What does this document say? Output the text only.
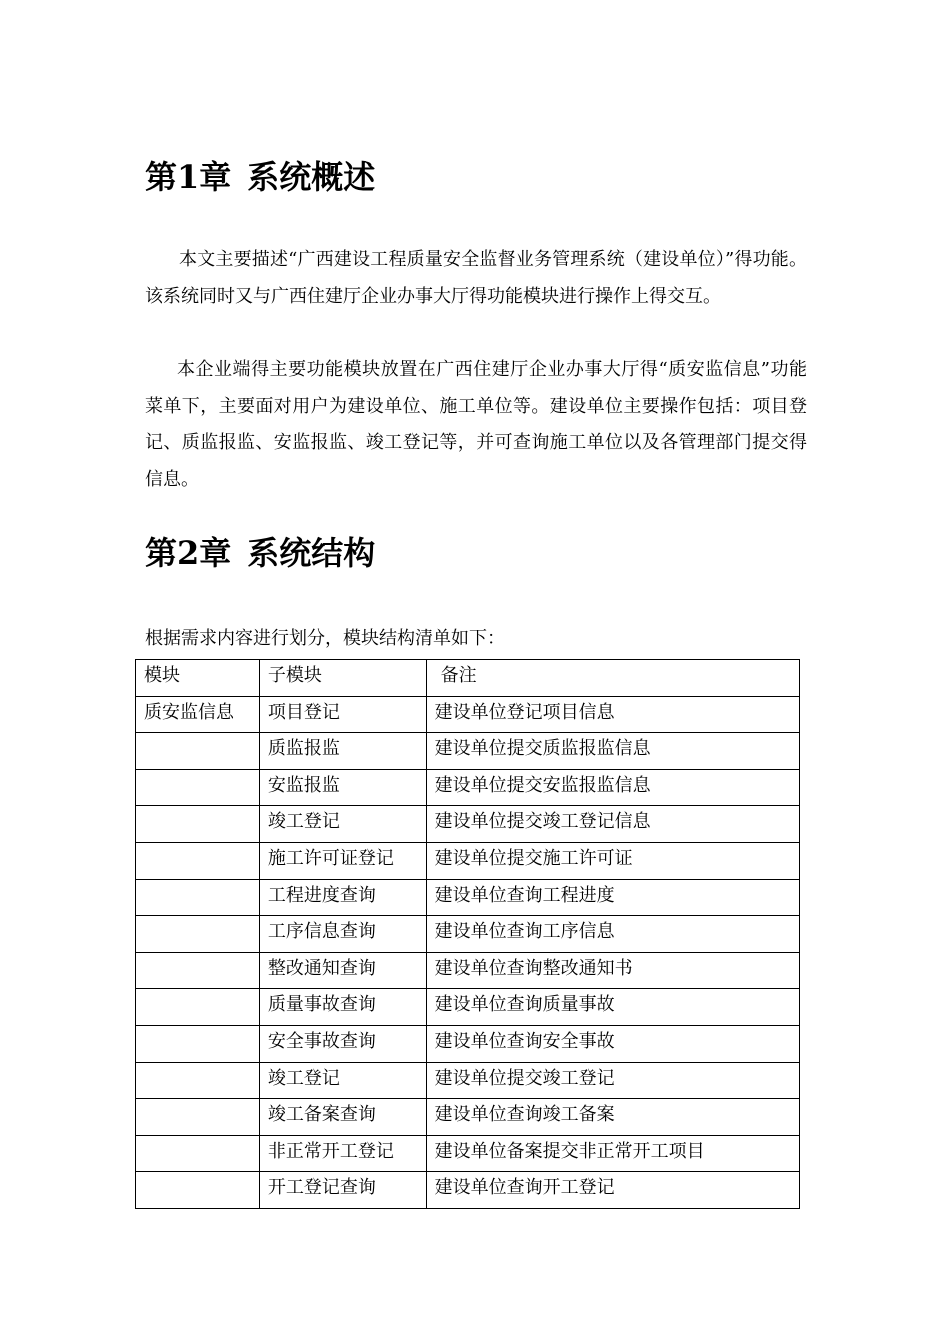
第1章 系统概述

本文主要描述“广西建设工程质量安全监督业务管理系统（建设单位）”得功能。该系统同时又与广西住建厅企业办事大厅得功能模块进行操作上得交互。

本企业端得主要功能模块放置在广西住建厅企业办事大厅得“质安监信息”功能菜单下，主要面对用户为建设单位、施工单位等。建设单位主要操作包括：项目登记、质监报监、安监报监、竣工登记等，并可查询施工单位以及各管理部门提交得信息。

第2章 系统结构

根据需求内容进行划分，模块结构清单如下：

模块	子模块	备注
质安监信息	项目登记	建设单位登记项目信息
	质监报监	建设单位提交质监报监信息
	安监报监	建设单位提交安监报监信息
	竣工登记	建设单位提交竣工登记信息
	施工许可证登记	建设单位提交施工许可证
	工程进度查询	建设单位查询工程进度
	工序信息查询	建设单位查询工序信息
	整改通知查询	建设单位查询整改通知书
	质量事故查询	建设单位查询质量事故
	安全事故查询	建设单位查询安全事故
	竣工登记	建设单位提交竣工登记
	竣工备案查询	建设单位查询竣工备案
	非正常开工登记	建设单位备案提交非正常开工项目
	开工登记查询	建设单位查询开工登记
